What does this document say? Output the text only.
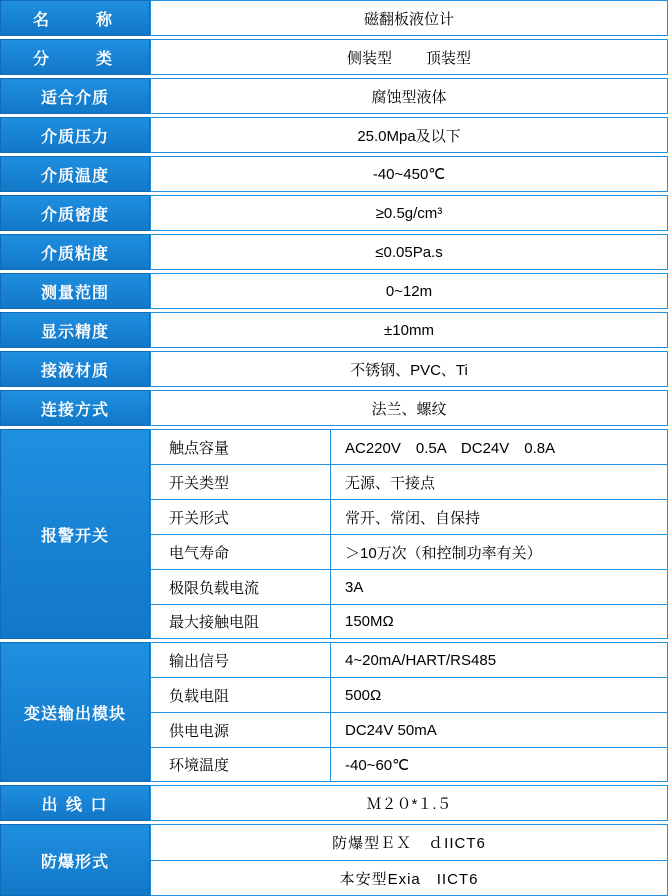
名　　称	磁翻板液位计
分　　类	侧装型 顶装型
适合介质	腐蚀型液体
介质压力	25.0Mpa及以下
介质温度	-40~450℃
介质密度	≥0.5g/cm³
介质粘度	≤0.05Pa.s
测量范围	0~12m
显示精度	±10mm
接液材质	不锈钢、PVC、Ti
连接方式	法兰、螺纹
报警开关
触点容量	AC220V　0.5A　DC24V　0.8A
开关类型	无源、干接点
开关形式	常开、常闭、自保持
电气寿命	＞10万次（和控制功率有关）
极限负载电流	3A
最大接触电阻	150MΩ
变送输出模块
输出信号	4~20mA/HART/RS485
负载电阻	500Ω
供电电源	DC24V 50mA
环境温度	-40~60℃
出 线 口	Ｍ２０*１.５
防爆形式
防爆型ＥＸ　ｄIICT6
本安型Exia　IICT6
